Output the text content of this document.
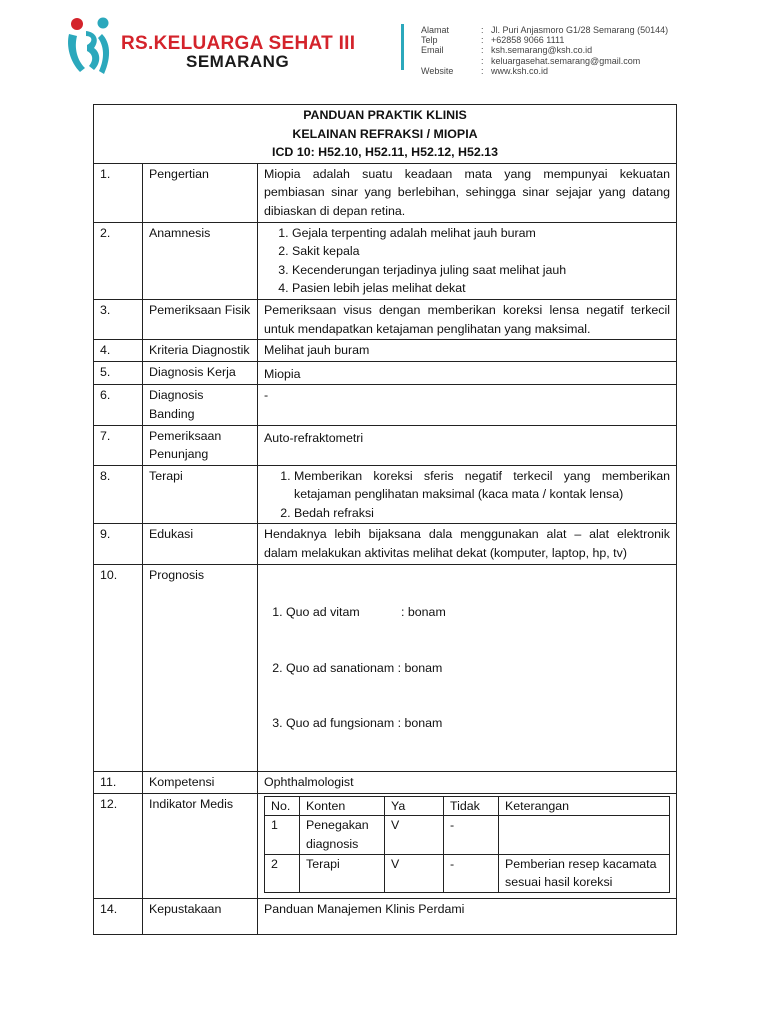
RS.KELUARGA SEHAT III
SEMARANG
Alamat	: Jl. Puri Anjasmoro G1/28 Semarang (50144)
Telp	: +62858 9066 1111
Email	: ksh.semarang@ksh.co.id
: keluargasehat.semarang@gmail.com
Website	: www.ksh.co.id
PANDUAN PRAKTIK KLINIS
KELAINAN REFRAKSI / MIOPIA
ICD 10: H52.10, H52.11, H52.12, H52.13

1.	Pengertian	Miopia adalah suatu keadaan mata yang mempunyai kekuatan pembiasan sinar yang berlebihan, sehingga sinar sejajar yang datang dibiaskan di depan retina.
2.	Anamnesis	
1.Gejala terpenting adalah melihat jauh buram
2. Sakit kepala
3. Kecenderungan terjadinya juling saat melihat jauh
4. Pasien lebih jelas melihat dekat

3.	Pemeriksaan Fisik	Pemeriksaan visus dengan memberikan koreksi lensa negatif terkecil untuk mendapatkan ketajaman penglihatan yang maksimal.
4.	Kriteria Diagnostik	Melihat jauh buram
5.	Diagnosis Kerja	Miopia
6.	Diagnosis Banding	-
7.	Pemeriksaan Penunjang	Auto-refraktometri
8.	Terapi	
1.Memberikan koreksi sferis negatif terkecil yang memberikan ketajaman penglihatan maksimal (kaca mata / kontak lensa)
2. Bedah refraksi

9.	Edukasi	Hendaknya lebih bijaksana dala menggunakan alat – alat elektronik dalam melakukan aktivitas melihat dekat (komputer, laptop, hp, tv)
10.	Prognosis	

1. Quo ad vitam            : bonam

2. Quo ad sanationam : bonam

3. Quo ad fungsionam : bonam

11.	Kompetensi	Ophthalmologist
12.	Indikator Medis		No.	Konten	Ya	Tidak	Keterangan
1	Penegakan diagnosis	V	-	
2	Terapi	V	-	Pemberian resep kacamata sesuai hasil koreksi

14.	Kepustakaan	Panduan Manajemen Klinis Perdami
